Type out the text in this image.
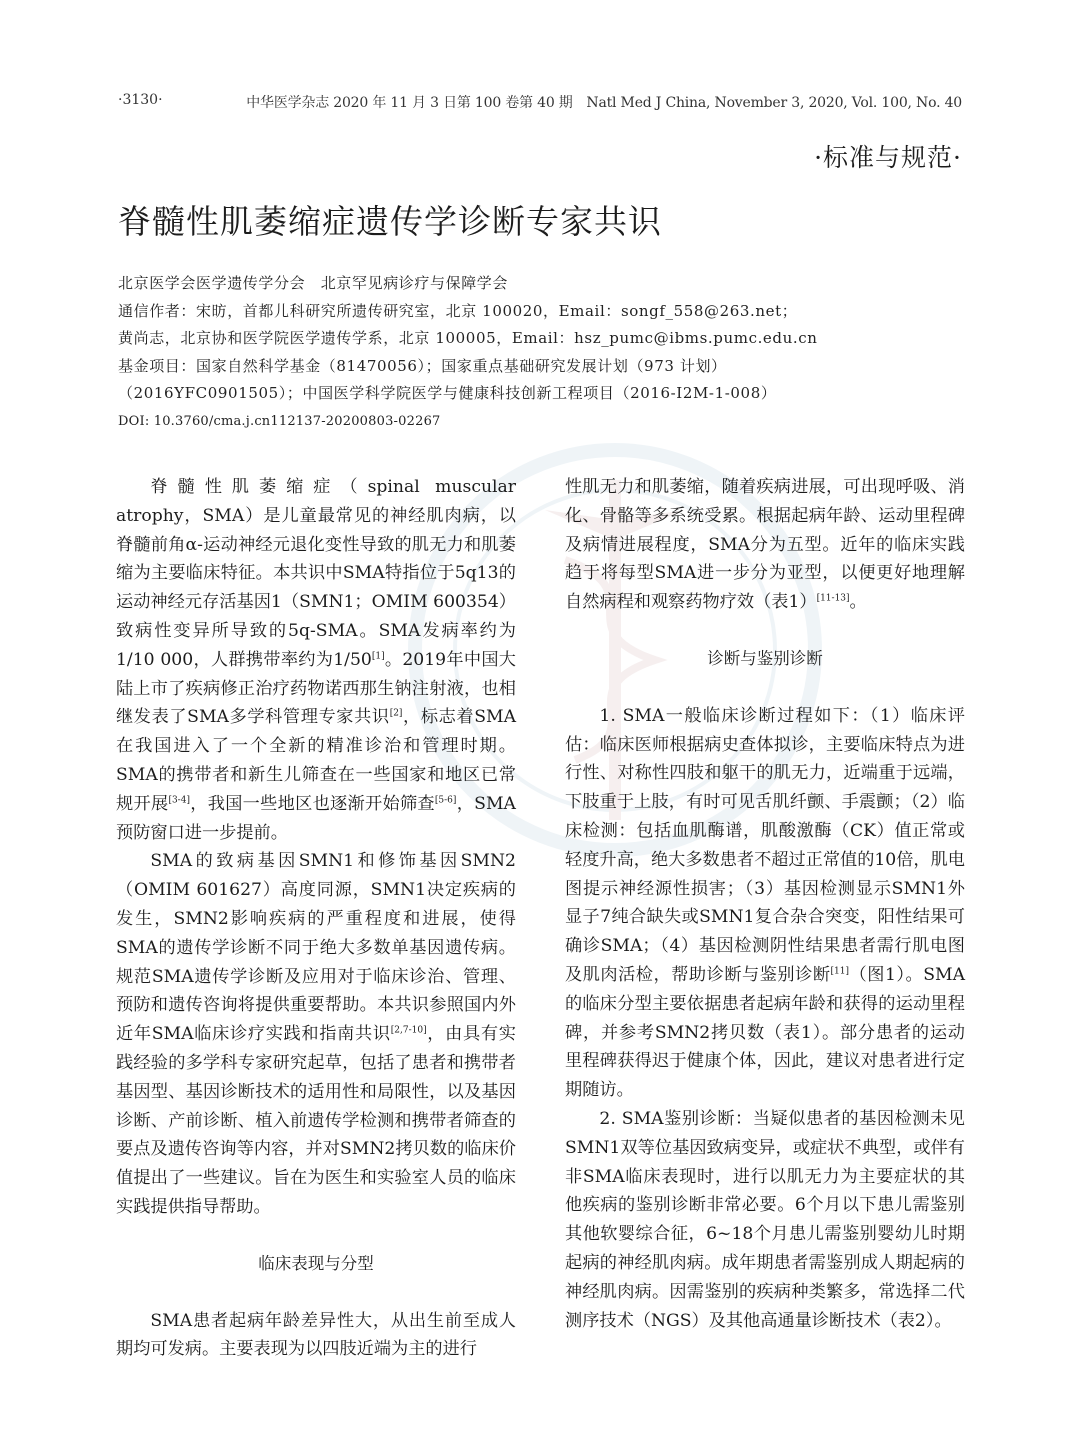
·3130·	中华医学杂志 2020 年 11 月 3 日第 100 卷第 40 期　Natl Med J China, November 3, 2020, Vol. 100, No. 40
·标准与规范·
脊髓性肌萎缩症遗传学诊断专家共识
北京医学会医学遗传学分会　北京罕见病诊疗与保障学会
通信作者：宋昉，首都儿科研究所遗传研究室，北京 100020，Email：songf_558@263.net；
黄尚志，北京协和医学院医学遗传学系，北京 100005，Email：hsz_pumc@ibms.pumc.edu.cn
基金项目：国家自然科学基金（81470056）；国家重点基础研究发展计划（973 计划）
（2016YFC0901505）；中国医学科学院医学与健康科技创新工程项目（2016-I2M-1-008）
DOI: 10.3760/cma.j.cn112137-20200803-02267

脊髓性肌萎缩症（spinal muscular atrophy，SMA）是儿童最常见的神经肌肉病，以脊髓前角α-运动神经元退化变性导致的肌无力和肌萎缩为主要临床特征。本共识中SMA特指位于5q13的运动神经元存活基因1（SMN1；OMIM 600354）致病性变异所导致的5q-SMA。SMA发病率约为1/10 000，人群携带率约为1/50[1]。2019年中国大陆上市了疾病修正治疗药物诺西那生钠注射液，也相继发表了SMA多学科管理专家共识[2]，标志着SMA在我国进入了一个全新的精准诊治和管理时期。SMA的携带者和新生儿筛查在一些国家和地区已常规开展[3-4]，我国一些地区也逐渐开始筛查[5-6]，SMA预防窗口进一步提前。

SMA的致病基因SMN1和修饰基因SMN2（OMIM 601627）高度同源，SMN1决定疾病的发生，SMN2影响疾病的严重程度和进展，使得SMA的遗传学诊断不同于绝大多数单基因遗传病。规范SMA遗传学诊断及应用对于临床诊治、管理、预防和遗传咨询将提供重要帮助。本共识参照国内外近年SMA临床诊疗实践和指南共识[2,7-10]，由具有实践经验的多学科专家研究起草，包括了患者和携带者基因型、基因诊断技术的适用性和局限性，以及基因诊断、产前诊断、植入前遗传学检测和携带者筛查的要点及遗传咨询等内容，并对SMN2拷贝数的临床价值提出了一些建议。旨在为医生和实验室人员的临床实践提供指导帮助。

临床表现与分型

SMA患者起病年龄差异性大，从出生前至成人期均可发病。主要表现为以四肢近端为主的进行

性肌无力和肌萎缩，随着疾病进展，可出现呼吸、消化、骨骼等多系统受累。根据起病年龄、运动里程碑及病情进展程度，SMA分为五型。近年的临床实践趋于将每型SMA进一步分为亚型，以便更好地理解自然病程和观察药物疗效（表1）[11-13]。

诊断与鉴别诊断

1. SMA一般临床诊断过程如下：（1）临床评估：临床医师根据病史查体拟诊，主要临床特点为进行性、对称性四肢和躯干的肌无力，近端重于远端，下肢重于上肢，有时可见舌肌纤颤、手震颤；（2）临床检测：包括血肌酶谱，肌酸激酶（CK）值正常或轻度升高，绝大多数患者不超过正常值的10倍，肌电图提示神经源性损害；（3）基因检测显示SMN1外显子7纯合缺失或SMN1复合杂合突变，阳性结果可确诊SMA；（4）基因检测阴性结果患者需行肌电图及肌肉活检，帮助诊断与鉴别诊断[11]（图1）。SMA的临床分型主要依据患者起病年龄和获得的运动里程碑，并参考SMN2拷贝数（表1）。部分患者的运动里程碑获得迟于健康个体，因此，建议对患者进行定期随访。

2. SMA鉴别诊断：当疑似患者的基因检测未见SMN1双等位基因致病变异，或症状不典型，或伴有非SMA临床表现时，进行以肌无力为主要症状的其他疾病的鉴别诊断非常必要。6个月以下患儿需鉴别其他软婴综合征，6~18个月患儿需鉴别婴幼儿时期起病的神经肌肉病。成年期患者需鉴别成人期起病的神经肌肉病。因需鉴别的疾病种类繁多，常选择二代测序技术（NGS）及其他高通量诊断技术（表2）。
